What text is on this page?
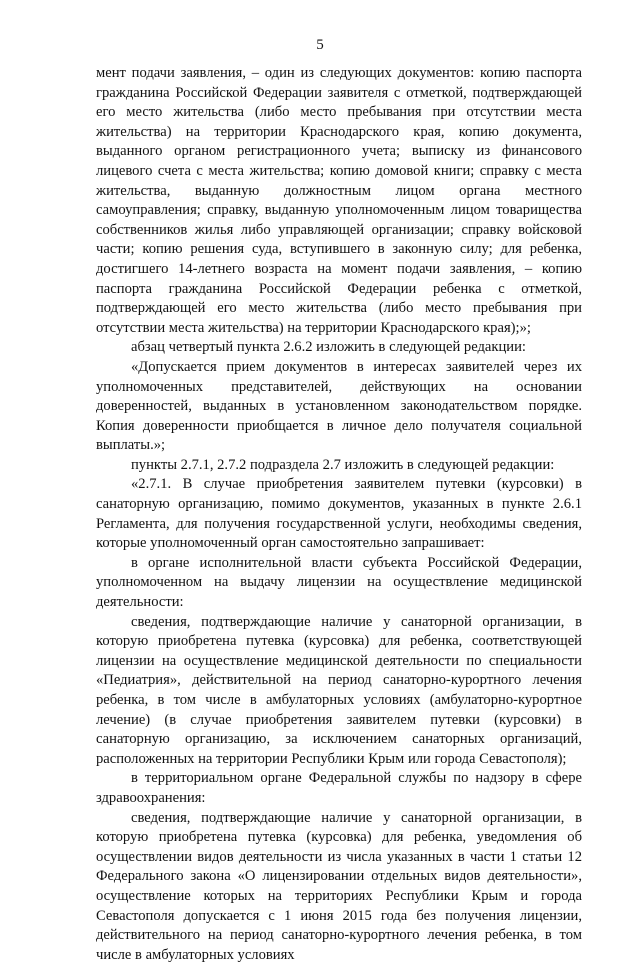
5

мент подачи заявления, – один из следующих документов: копию паспорта гражданина Российской Федерации заявителя с отметкой, подтверждающей его место жительства (либо место пребывания при отсутствии места жительства) на территории Краснодарского края, копию документа, выданного органом регистрационного учета; выписку из финансового лицевого счета с места жительства; копию домовой книги; справку с места жительства, выданную должностным лицом органа местного самоуправления; справку, выданную уполномоченным лицом товарищества собственников жилья либо управляющей организации; справку войсковой части; копию решения суда, вступившего в законную силу; для ребенка, достигшего 14-летнего возраста на момент подачи заявления, – копию паспорта гражданина Российской Федерации ребенка с отметкой, подтверждающей его место жительства (либо место пребывания при отсутствии места жительства) на территории Краснодарского края);»;

абзац четвертый пункта 2.6.2 изложить в следующей редакции:

«Допускается прием документов в интересах заявителей через их уполномоченных представителей, действующих на основании доверенностей, выданных в установленном законодательством порядке. Копия доверенности приобщается в личное дело получателя социальной выплаты.»;

пункты 2.7.1, 2.7.2 подраздела 2.7 изложить в следующей редакции:

«2.7.1. В случае приобретения заявителем путевки (курсовки) в санаторную организацию, помимо документов, указанных в пункте 2.6.1 Регламента, для получения государственной услуги, необходимы сведения, которые уполномоченный орган самостоятельно запрашивает:

в органе исполнительной власти субъекта Российской Федерации, уполномоченном на выдачу лицензии на осуществление медицинской деятельности:

сведения, подтверждающие наличие у санаторной организации, в которую приобретена путевка (курсовка) для ребенка, соответствующей лицензии на осуществление медицинской деятельности по специальности «Педиатрия», действительной на период санаторно-курортного лечения ребенка, в том числе в амбулаторных условиях (амбулаторно-курортное лечение) (в случае приобретения заявителем путевки (курсовки) в санаторную организацию, за исключением санаторных организаций, расположенных на территории Республики Крым или города Севастополя);

в территориальном органе Федеральной службы по надзору в сфере здравоохранения:

сведения, подтверждающие наличие у санаторной организации, в которую приобретена путевка (курсовка) для ребенка, уведомления об осуществлении видов деятельности из числа указанных в части 1 статьи 12 Федерального закона «О лицензировании отдельных видов деятельности», осуществление которых на территориях Республики Крым и города Севастополя допускается с 1 июня 2015 года без получения лицензии, действительного на период санаторно-курортного лечения ребенка, в том числе в амбулаторных условиях
